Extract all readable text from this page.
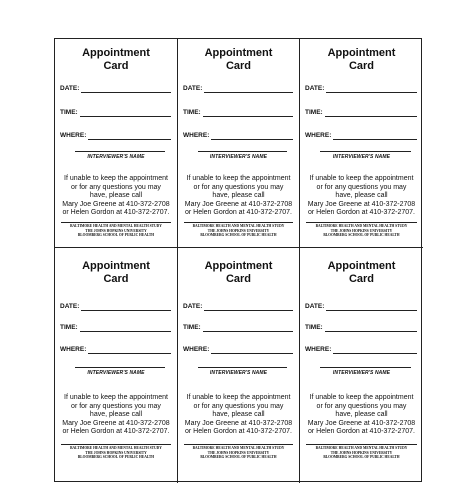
Appointment
Card
DATE:
TIME:
WHERE:
INTERVIEWER'S NAME
If unable to keep the appointment
or for any questions you may
have, please call
Mary Joe Greene at 410-372-2708
or Helen Gordon at 410-372-2707.
BALTIMORE HEALTH AND MENTAL HEALTH STUDY
THE JOHNS HOPKINS UNIVERSITY
BLOOMBERG SCHOOL OF PUBLIC HEALTH
Appointment
Card
DATE:
TIME:
WHERE:
INTERVIEWER'S NAME
If unable to keep the appointment
or for any questions you may
have, please call
Mary Joe Greene at 410-372-2708
or Helen Gordon at 410-372-2707.
BALTIMORE HEALTH AND MENTAL HEALTH STUDY
THE JOHNS HOPKINS UNIVERSITY
BLOOMBERG SCHOOL OF PUBLIC HEALTH
Appointment
Card
DATE:
TIME:
WHERE:
INTERVIEWER'S NAME
If unable to keep the appointment
or for any questions you may
have, please call
Mary Joe Greene at 410-372-2708
or Helen Gordon at 410-372-2707.
BALTIMORE HEALTH AND MENTAL HEALTH STUDY
THE JOHNS HOPKINS UNIVERSITY
BLOOMBERG SCHOOL OF PUBLIC HEALTH
Appointment
Card
DATE:
TIME:
WHERE:
INTERVIEWER'S NAME
If unable to keep the appointment
or for any questions you may
have, please call
Mary Joe Greene at 410-372-2708
or Helen Gordon at 410-372-2707.
BALTIMORE HEALTH AND MENTAL HEALTH STUDY
THE JOHNS HOPKINS UNIVERSITY
BLOOMBERG SCHOOL OF PUBLIC HEALTH
Appointment
Card
DATE:
TIME:
WHERE:
INTERVIEWER'S NAME
If unable to keep the appointment
or for any questions you may
have, please call
Mary Joe Greene at 410-372-2708
or Helen Gordon at 410-372-2707.
BALTIMORE HEALTH AND MENTAL HEALTH STUDY
THE JOHNS HOPKINS UNIVERSITY
BLOOMBERG SCHOOL OF PUBLIC HEALTH
Appointment
Card
DATE:
TIME:
WHERE:
INTERVIEWER'S NAME
If unable to keep the appointment
or for any questions you may
have, please call
Mary Joe Greene at 410-372-2708
or Helen Gordon at 410-372-2707.
BALTIMORE HEALTH AND MENTAL HEALTH STUDY
THE JOHNS HOPKINS UNIVERSITY
BLOOMBERG SCHOOL OF PUBLIC HEALTH
